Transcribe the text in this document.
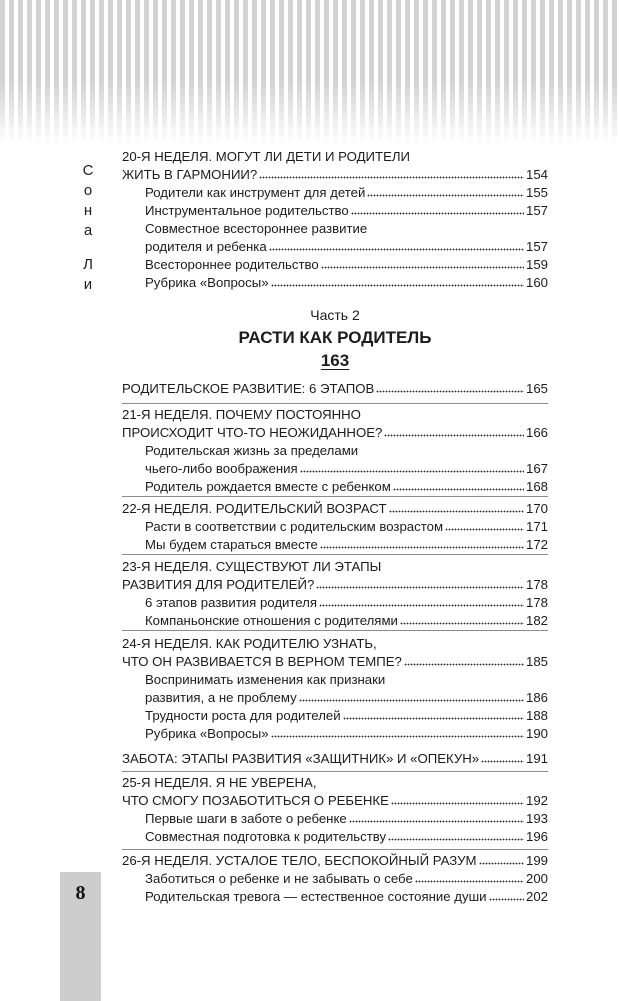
С
о
н
а
Л
и
8
Часть 2
РАСТИ КАК РОДИТЕЛЬ
163
20-Я НЕДЕЛЯ. МОГУТ ЛИ ДЕТИ И РОДИТЕЛИ
ЖИТЬ В ГАРМОНИИ?	154
Родители как инструмент для детей	155
Инструментальное родительство	157
Совместное всестороннее развитие
родителя и ребенка	157
Всестороннее родительство	159
Рубрика «Вопросы»	160
РОДИТЕЛЬСКОЕ РАЗВИТИЕ: 6 ЭТАПОВ	165
21-Я НЕДЕЛЯ. ПОЧЕМУ ПОСТОЯННО
ПРОИСХОДИТ ЧТО-ТО НЕОЖИДАННОЕ?	166
Родительская жизнь за пределами
чьего-либо воображения	167
Родитель рождается вместе с ребенком	168
22-Я НЕДЕЛЯ. РОДИТЕЛЬСКИЙ ВОЗРАСТ	170
Расти в соответствии с родительским возрастом	171
Мы будем стараться вместе	172
23-Я НЕДЕЛЯ. СУЩЕСТВУЮТ ЛИ ЭТАПЫ
РАЗВИТИЯ ДЛЯ РОДИТЕЛЕЙ?	178
6 этапов развития родителя	178
Компаньонские отношения с родителями	182
24-Я НЕДЕЛЯ. КАК РОДИТЕЛЮ УЗНАТЬ,
ЧТО ОН РАЗВИВАЕТСЯ В ВЕРНОМ ТЕМПЕ?	185
Воспринимать изменения как признаки
развития, а не проблему	186
Трудности роста для родителей	188
Рубрика «Вопросы»	190
ЗАБОТА: ЭТАПЫ РАЗВИТИЯ «ЗАЩИТНИК» И «ОПЕКУН»	191
25-Я НЕДЕЛЯ. Я НЕ УВЕРЕНА,
ЧТО СМОГУ ПОЗАБОТИТЬСЯ О РЕБЕНКЕ	192
Первые шаги в заботе о ребенке	193
Совместная подготовка к родительству	196
26-Я НЕДЕЛЯ. УСТАЛОЕ ТЕЛО, БЕСПОКОЙНЫЙ РАЗУМ	199
Заботиться о ребенке и не забывать о себе	200
Родительская тревога — естественное состояние души	202
